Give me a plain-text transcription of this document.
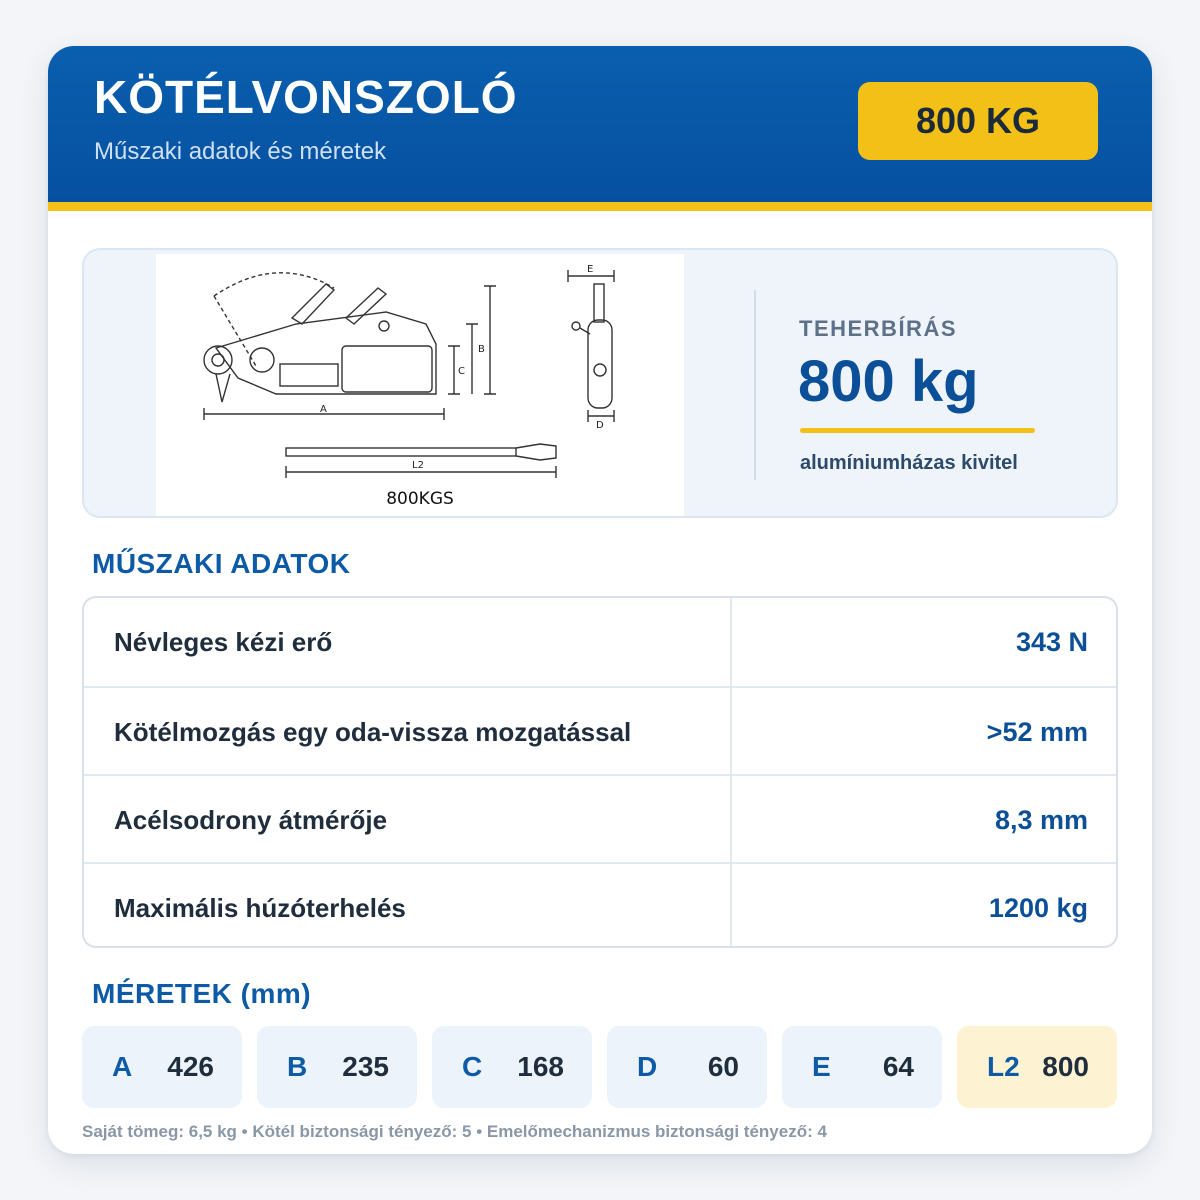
KÖTÉLVONSZOLÓ
Műszaki adatok és méretek
800 KG
A
C
B
E
D
L2
800KGS
TEHERBÍRÁS
800 kg
alumíniumházas kivitel
MŰSZAKI ADATOK
Névleges kézi erő	343 N
Kötélmozgás egy oda-vissza mozgatással	>52 mm
Acélsodrony átmérője	8,3 mm
Maximális húzóterhelés	1200 kg
MÉRETEK (mm)
A 426	B 235	C 168	D 60	E 64	L2 800
Saját tömeg: 6,5 kg • Kötél biztonsági tényező: 5 • Emelőmechanizmus biztonsági tényező: 4
